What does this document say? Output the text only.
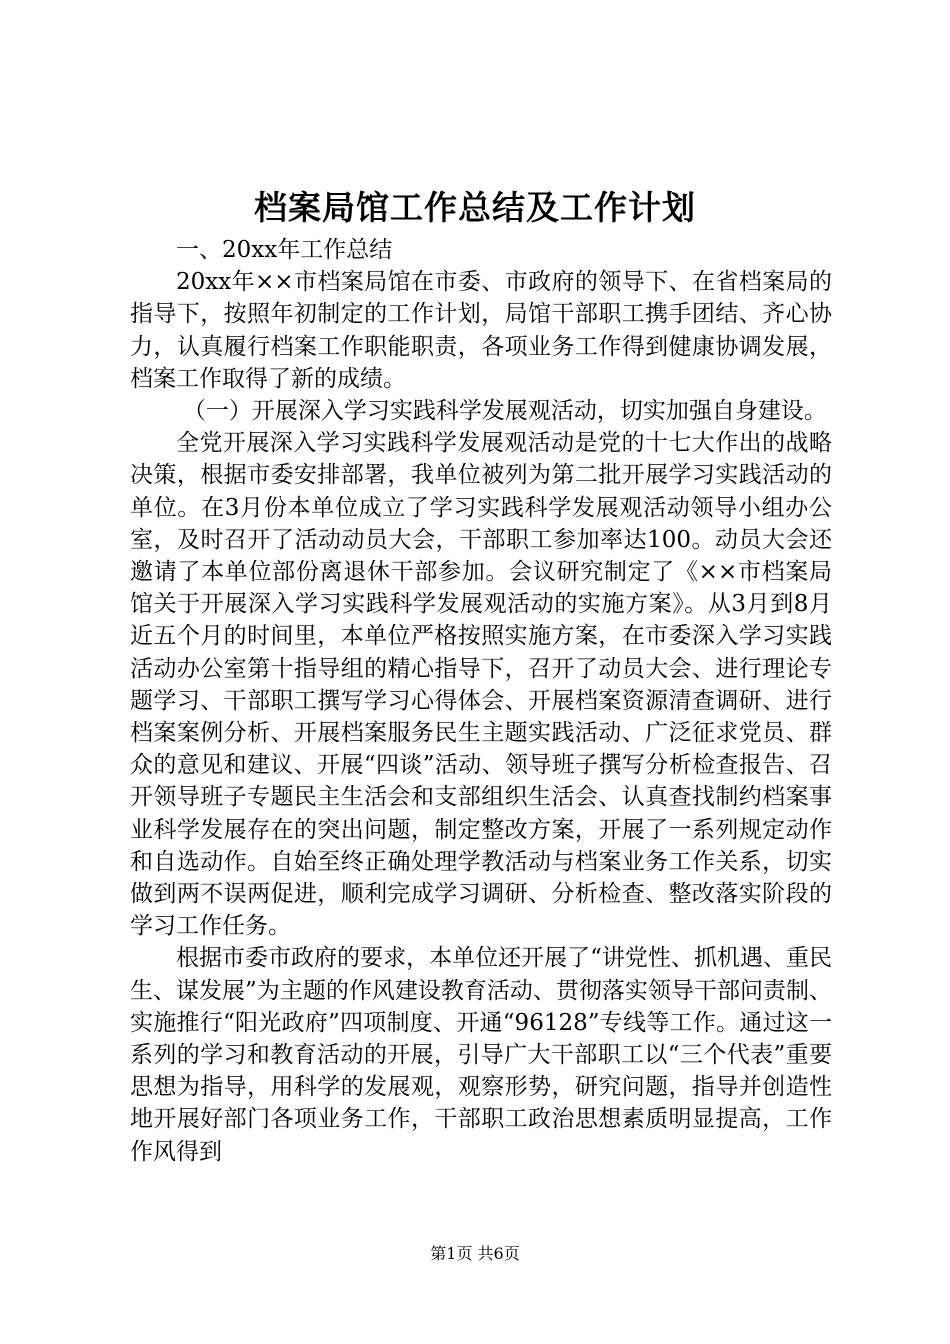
档案局馆工作总结及工作计划

一、20xx年工作总结

20xx年××市档案局馆在市委、市政府的领导下、在省档案局的指导下，按照年初制定的工作计划，局馆干部职工携手团结、齐心协力，认真履行档案工作职能职责，各项业务工作得到健康协调发展，档案工作取得了新的成绩。

（一）开展深入学习实践科学发展观活动，切实加强自身建设。

全党开展深入学习实践科学发展观活动是党的十七大作出的战略决策，根据市委安排部署，我单位被列为第二批开展学习实践活动的单位。在3月份本单位成立了学习实践科学发展观活动领导小组办公室，及时召开了活动动员大会，干部职工参加率达100。动员大会还邀请了本单位部份离退休干部参加。会议研究制定了《××市档案局馆关于开展深入学习实践科学发展观活动的实施方案》。从3月到8月近五个月的时间里，本单位严格按照实施方案，在市委深入学习实践活动办公室第十指导组的精心指导下，召开了动员大会、进行理论专题学习、干部职工撰写学习心得体会、开展档案资源清查调研、进行档案案例分析、开展档案服务民生主题实践活动、广泛征求党员、群众的意见和建议、开展“四谈”活动、领导班子撰写分析检查报告、召开领导班子专题民主生活会和支部组织生活会、认真查找制约档案事业科学发展存在的突出问题，制定整改方案，开展了一系列规定动作和自选动作。自始至终正确处理学教活动与档案业务工作关系，切实做到两不误两促进，顺利完成学习调研、分析检查、整改落实阶段的学习工作任务。

根据市委市政府的要求，本单位还开展了“讲党性、抓机遇、重民生、谋发展”为主题的作风建设教育活动、贯彻落实领导干部问责制、实施推行“阳光政府”四项制度、开通“96128”专线等工作。通过这一系列的学习和教育活动的开展，引导广大干部职工以“三个代表”重要思想为指导，用科学的发展观，观察形势，研究问题，指导并创造性地开展好部门各项业务工作，干部职工政治思想素质明显提高，工作作风得到

第1页 共6页
